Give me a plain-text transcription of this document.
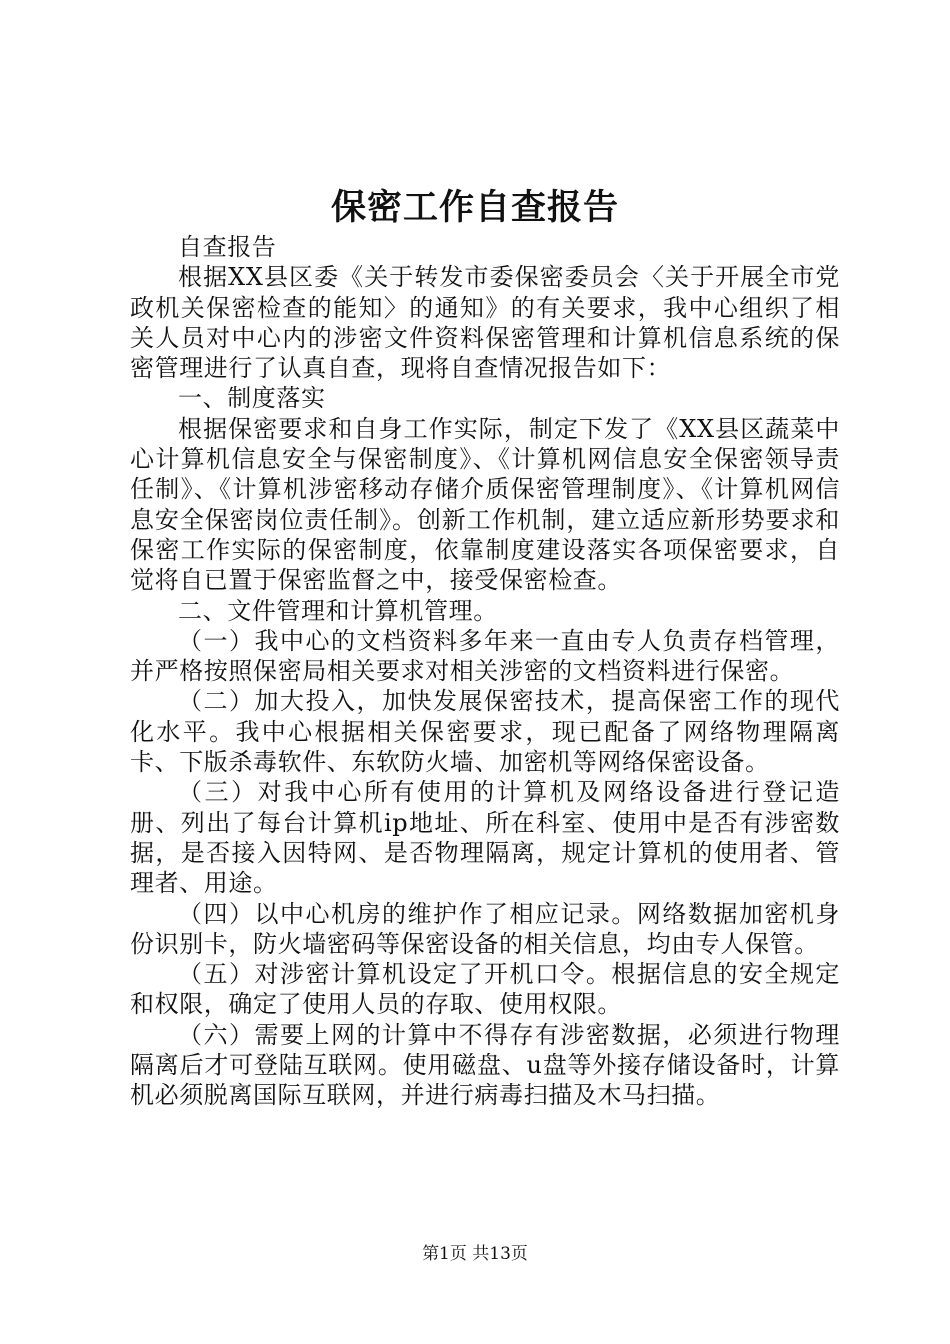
保密工作自查报告

自查报告

根据XX县区委《关于转发市委保密委员会〈关于开展全市党政机关保密检查的能知〉的通知》的有关要求，我中心组织了相关人员对中心内的涉密文件资料保密管理和计算机信息系统的保密管理进行了认真自查，现将自查情况报告如下：

一、制度落实

根据保密要求和自身工作实际，制定下发了《XX县区蔬菜中心计算机信息安全与保密制度》、《计算机网信息安全保密领导责任制》、《计算机涉密移动存储介质保密管理制度》、《计算机网信息安全保密岗位责任制》。创新工作机制，建立适应新形势要求和保密工作实际的保密制度，依靠制度建设落实各项保密要求，自觉将自已置于保密监督之中，接受保密检查。

二、文件管理和计算机管理。

（一）我中心的文档资料多年来一直由专人负责存档管理，并严格按照保密局相关要求对相关涉密的文档资料进行保密。

（二）加大投入，加快发展保密技术，提高保密工作的现代化水平。我中心根据相关保密要求，现已配备了网络物理隔离卡、下版杀毒软件、东软防火墙、加密机等网络保密设备。

（三）对我中心所有使用的计算机及网络设备进行登记造册、列出了每台计算机ip地址、所在科室、使用中是否有涉密数据，是否接入因特网、是否物理隔离，规定计算机的使用者、管理者、用途。

（四）以中心机房的维护作了相应记录。网络数据加密机身份识别卡，防火墙密码等保密设备的相关信息，均由专人保管。

（五）对涉密计算机设定了开机口令。根据信息的安全规定和权限，确定了使用人员的存取、使用权限。

（六）需要上网的计算中不得存有涉密数据，必须进行物理隔离后才可登陆互联网。使用磁盘、u盘等外接存储设备时，计算机必须脱离国际互联网，并进行病毒扫描及木马扫描。

第1页 共13页
